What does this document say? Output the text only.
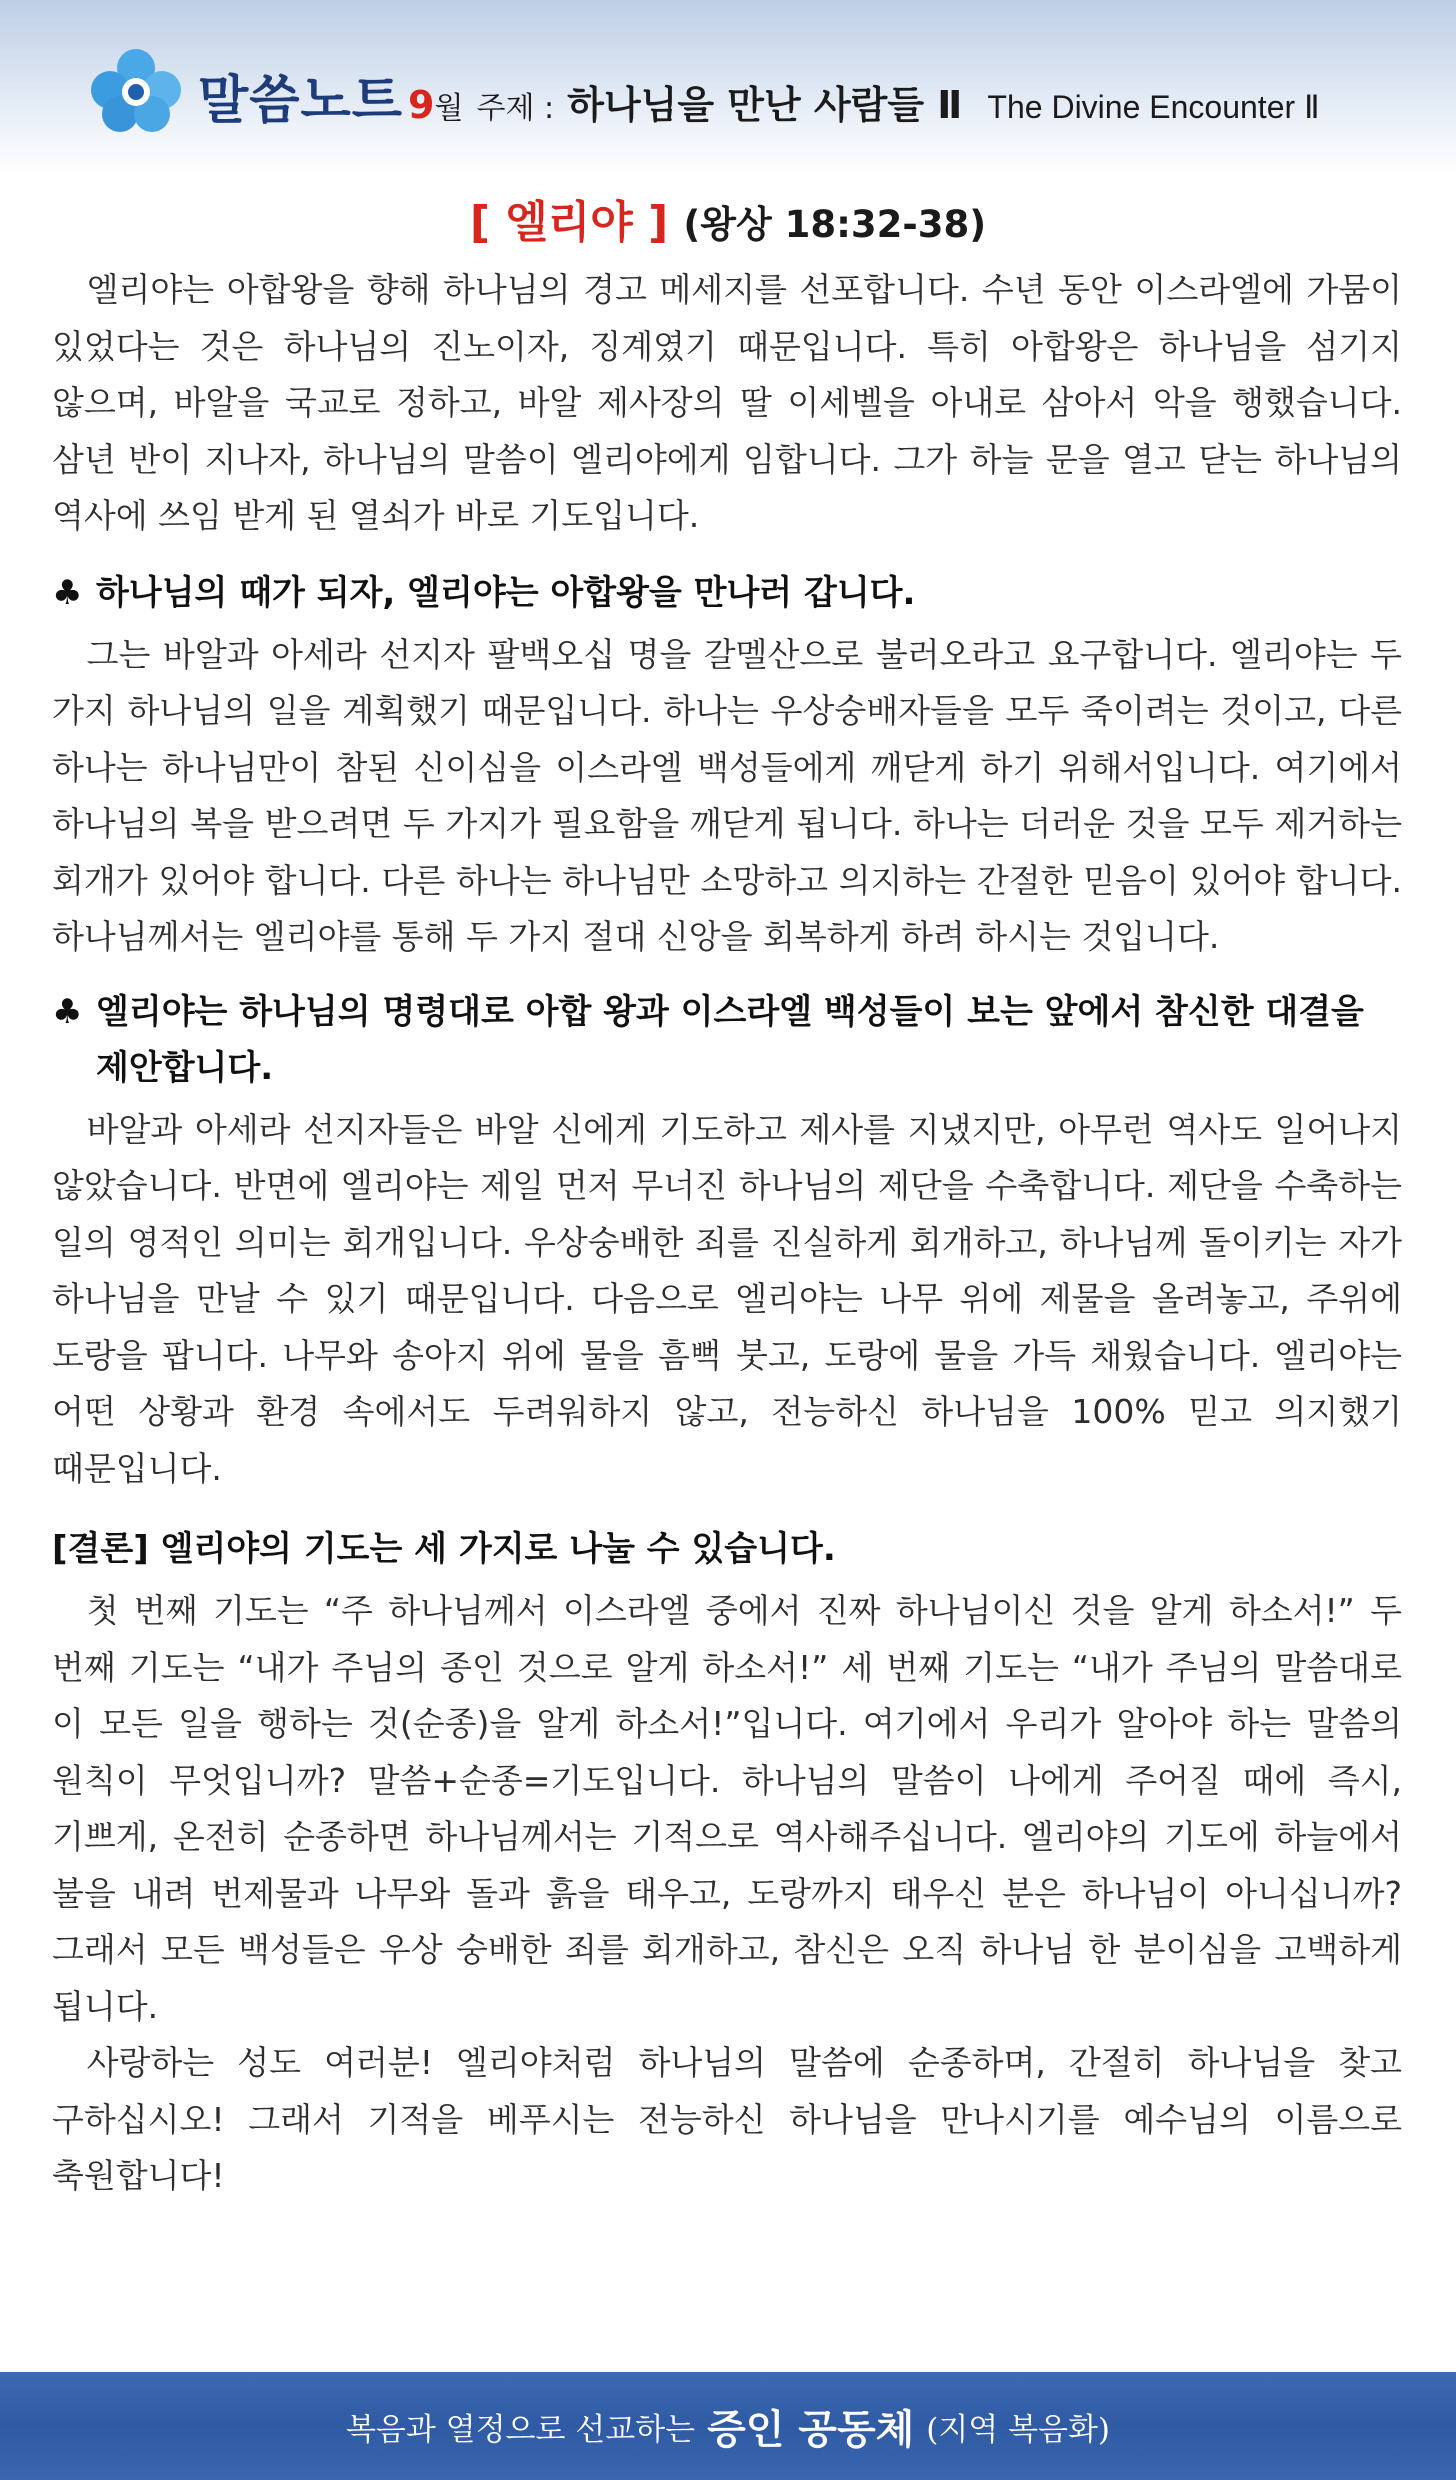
말씀노트 9월 주제 : 하나님을 만난 사람들 Ⅱ The Divine Encounter Ⅱ
[ 엘리야 ] (왕상 18:32-38)

엘리야는 아합왕을 향해 하나님의 경고 메세지를 선포합니다. 수년 동안 이스라엘에 가뭄이 있었다는 것은 하나님의 진노이자, 징계였기 때문입니다. 특히 아합왕은 하나님을 섬기지 않으며, 바알을 국교로 정하고, 바알 제사장의 딸 이세벨을 아내로 삼아서 악을 행했습니다. 삼년 반이 지나자, 하나님의 말씀이 엘리야에게 임합니다. 그가 하늘 문을 열고 닫는 하나님의 역사에 쓰임 받게 된 열쇠가 바로 기도입니다.

♣ 하나님의 때가 되자, 엘리야는 아합왕을 만나러 갑니다.

그는 바알과 아세라 선지자 팔백오십 명을 갈멜산으로 불러오라고 요구합니다. 엘리야는 두 가지 하나님의 일을 계획했기 때문입니다. 하나는 우상숭배자들을 모두 죽이려는 것이고, 다른 하나는 하나님만이 참된 신이심을 이스라엘 백성들에게 깨닫게 하기 위해서입니다. 여기에서 하나님의 복을 받으려면 두 가지가 필요함을 깨닫게 됩니다. 하나는 더러운 것을 모두 제거하는 회개가 있어야 합니다. 다른 하나는 하나님만 소망하고 의지하는 간절한 믿음이 있어야 합니다. 하나님께서는 엘리야를 통해 두 가지 절대 신앙을 회복하게 하려 하시는 것입니다.

♣ 엘리야는 하나님의 명령대로 아합 왕과 이스라엘 백성들이 보는 앞에서 참신한 대결을 제안합니다.

바알과 아세라 선지자들은 바알 신에게 기도하고 제사를 지냈지만, 아무런 역사도 일어나지 않았습니다. 반면에 엘리야는 제일 먼저 무너진 하나님의 제단을 수축합니다. 제단을 수축하는 일의 영적인 의미는 회개입니다. 우상숭배한 죄를 진실하게 회개하고, 하나님께 돌이키는 자가 하나님을 만날 수 있기 때문입니다. 다음으로 엘리야는 나무 위에 제물을 올려놓고, 주위에 도랑을 팝니다. 나무와 송아지 위에 물을 흠뻑 붓고, 도랑에 물을 가득 채웠습니다. 엘리야는 어떤 상황과 환경 속에서도 두려워하지 않고, 전능하신 하나님을 100% 믿고 의지했기 때문입니다.

[결론] 엘리야의 기도는 세 가지로 나눌 수 있습니다.

첫 번째 기도는 “주 하나님께서 이스라엘 중에서 진짜 하나님이신 것을 알게 하소서!” 두 번째 기도는 “내가 주님의 종인 것으로 알게 하소서!” 세 번째 기도는 “내가 주님의 말씀대로 이 모든 일을 행하는 것(순종)을 알게 하소서!”입니다. 여기에서 우리가 알아야 하는 말씀의 원칙이 무엇입니까? 말씀+순종=기도입니다. 하나님의 말씀이 나에게 주어질 때에 즉시, 기쁘게, 온전히 순종하면 하나님께서는 기적으로 역사해주십니다. 엘리야의 기도에 하늘에서 불을 내려 번제물과 나무와 돌과 흙을 태우고, 도랑까지 태우신 분은 하나님이 아니십니까? 그래서 모든 백성들은 우상 숭배한 죄를 회개하고, 참신은 오직 하나님 한 분이심을 고백하게 됩니다.

사랑하는 성도 여러분! 엘리야처럼 하나님의 말씀에 순종하며, 간절히 하나님을 찾고 구하십시오! 그래서 기적을 베푸시는 전능하신 하나님을 만나시기를 예수님의 이름으로 축원합니다!

복음과 열정으로 선교하는 증인 공동체 (지역 복음화)
